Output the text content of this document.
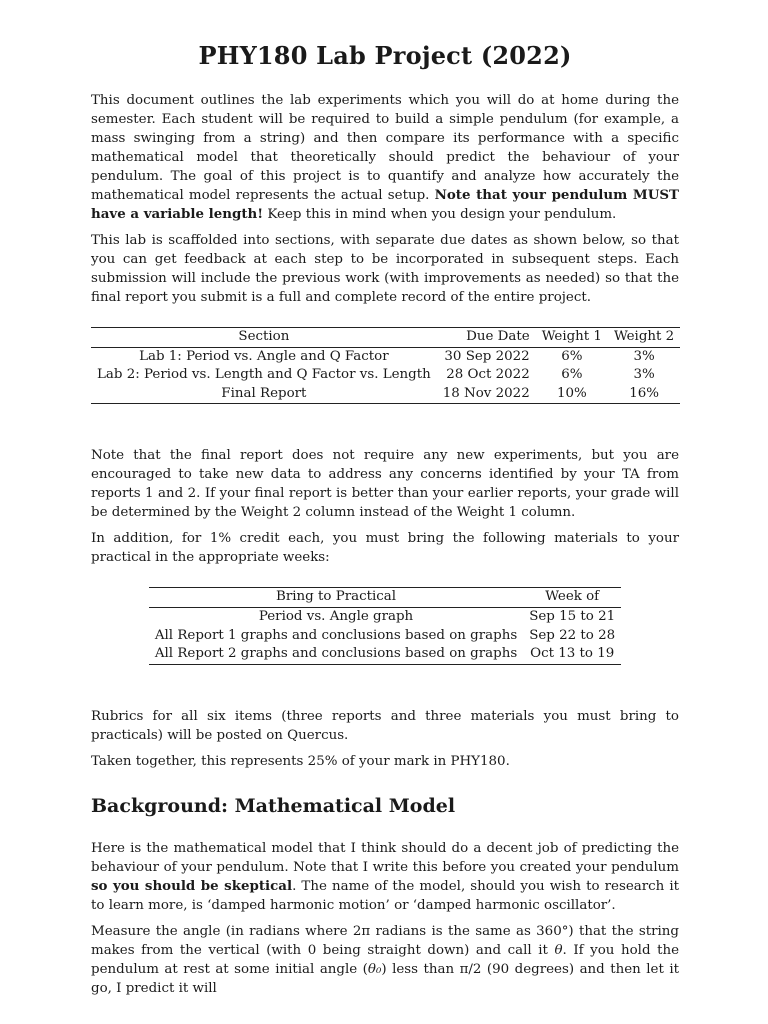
PHY180 Lab Project (2022)

This document outlines the lab experiments which you will do at home during the semester. Each student will be required to build a simple pendulum (for example, a mass swinging from a string) and then compare its performance with a specific mathematical model that theoretically should predict the behaviour of your pendulum. The goal of this project is to quantify and analyze how accurately the mathematical model represents the actual setup. Note that your pendulum MUST have a variable length! Keep this in mind when you design your pendulum.

This lab is scaffolded into sections, with separate due dates as shown below, so that you can get feedback at each step to be incorporated in subsequent steps. Each submission will include the previous work (with improvements as needed) so that the final report you submit is a full and complete record of the entire project.

Section	Due Date	Weight 1	Weight 2
Lab 1: Period vs. Angle and Q Factor	30 Sep 2022	6%	3%
Lab 2: Period vs. Length and Q Factor vs. Length	28 Oct 2022	6%	3%
Final Report	18 Nov 2022	10%	16%

Note that the final report does not require any new experiments, but you are encouraged to take new data to address any concerns identified by your TA from reports 1 and 2. If your final report is better than your earlier reports, your grade will be determined by the Weight 2 column instead of the Weight 1 column.

In addition, for 1% credit each, you must bring the following materials to your practical in the appropriate weeks:

Bring to Practical	Week of
Period vs. Angle graph	Sep 15 to 21
All Report 1 graphs and conclusions based on graphs	Sep 22 to 28
All Report 2 graphs and conclusions based on graphs	Oct 13 to 19

Rubrics for all six items (three reports and three materials you must bring to practicals) will be posted on Quercus.

Taken together, this represents 25% of your mark in PHY180.

Background: Mathematical Model

Here is the mathematical model that I think should do a decent job of predicting the behaviour of your pendulum. Note that I write this before you created your pendulum so you should be skeptical. The name of the model, should you wish to research it to learn more, is ‘damped harmonic motion’ or ‘damped harmonic oscillator’.

Measure the angle (in radians where 2π radians is the same as 360°) that the string makes from the vertical (with 0 being straight down) and call it θ. If you hold the pendulum at rest at some initial angle (θ₀) less than π/2 (90 degrees) and then let it go, I predict it will
